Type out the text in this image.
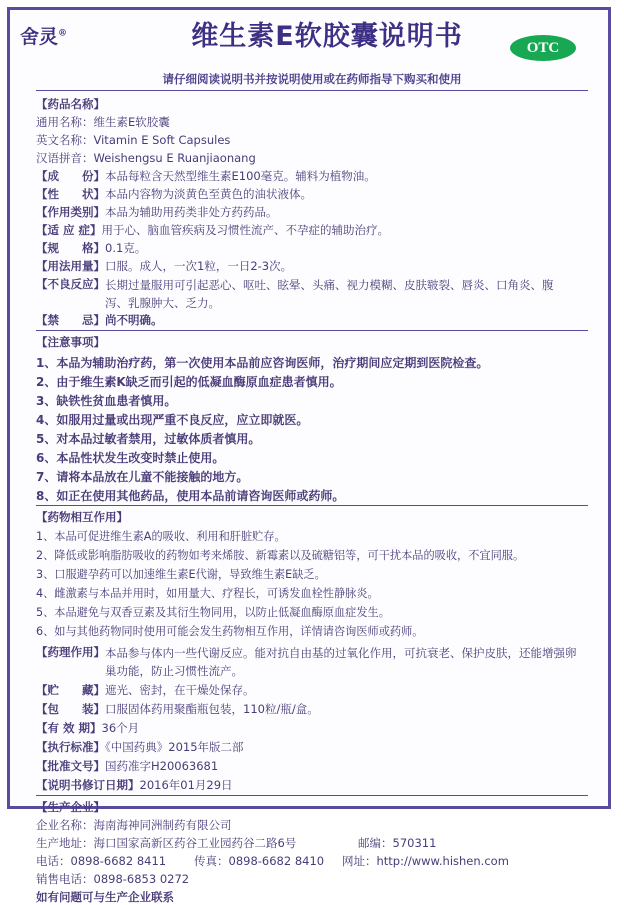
舍灵®	维生素E软胶囊说明书	OTC
请仔细阅读说明书并按说明使用或在药师指导下购买和使用
【药品名称】
通用名称：维生素E软胶囊
英文名称：Vitamin E Soft Capsules
汉语拼音：Weishengsu E Ruanjiaonang
【成　　份】本品每粒含天然型维生素E100毫克。辅料为植物油。
【性　　状】本品内容物为淡黄色至黄色的油状液体。
【作用类别】本品为辅助用药类非处方药药品。
【适 应 症】用于心、脑血管疾病及习惯性流产、不孕症的辅助治疗。
【规　　格】0.1克。
【用法用量】口服。成人，一次1粒，一日2-3次。
【不良反应】 长期过量服用可引起恶心、呕吐、眩晕、头痛、视力模糊、皮肤皲裂、唇炎、口角炎、腹泻、乳腺肿大、乏力。
【禁　　忌】尚不明确。
【注意事项】
1、本品为辅助治疗药，第一次使用本品前应咨询医师，治疗期间应定期到医院检查。
2、由于维生素K缺乏而引起的低凝血酶原血症患者慎用。
3、缺铁性贫血患者慎用。
4、如服用过量或出现严重不良反应，应立即就医。
5、对本品过敏者禁用，过敏体质者慎用。
6、本品性状发生改变时禁止使用。
7、请将本品放在儿童不能接触的地方。
8、如正在使用其他药品，使用本品前请咨询医师或药师。
【药物相互作用】
1、本品可促进维生素A的吸收、利用和肝脏贮存。
2、降低或影响脂肪吸收的药物如考来烯胺、新霉素以及硫糖铝等，可干扰本品的吸收，不宜同服。
3、口服避孕药可以加速维生素E代谢，导致维生素E缺乏。
4、雌激素与本品并用时，如用量大、疗程长，可诱发血栓性静脉炎。
5、本品避免与双香豆素及其衍生物同用，以防止低凝血酶原血症发生。
6、如与其他药物同时使用可能会发生药物相互作用，详情请咨询医师或药师。
【药理作用】 本品参与体内一些代谢反应。能对抗自由基的过氧化作用，可抗衰老、保护皮肤，还能增强卵巢功能，防止习惯性流产。
【贮　　藏】遮光、密封，在干燥处保存。
【包　　装】口服固体药用聚酯瓶包装，110粒/瓶/盒。
【有 效 期】36个月
【执行标准】《中国药典》2015年版二部
【批准文号】国药准字H20063681
【说明书修订日期】2016年01月29日
【生产企业】
企业名称：海南海神同洲制药有限公司
生产地址：海口国家高新区药谷工业园药谷二路6号	邮编：570311
电话：0898-6682 8411 传真：0898-6682 8410 网址：http://www.hishen.com
销售电话：0898-6853 0272
如有问题可与生产企业联系
